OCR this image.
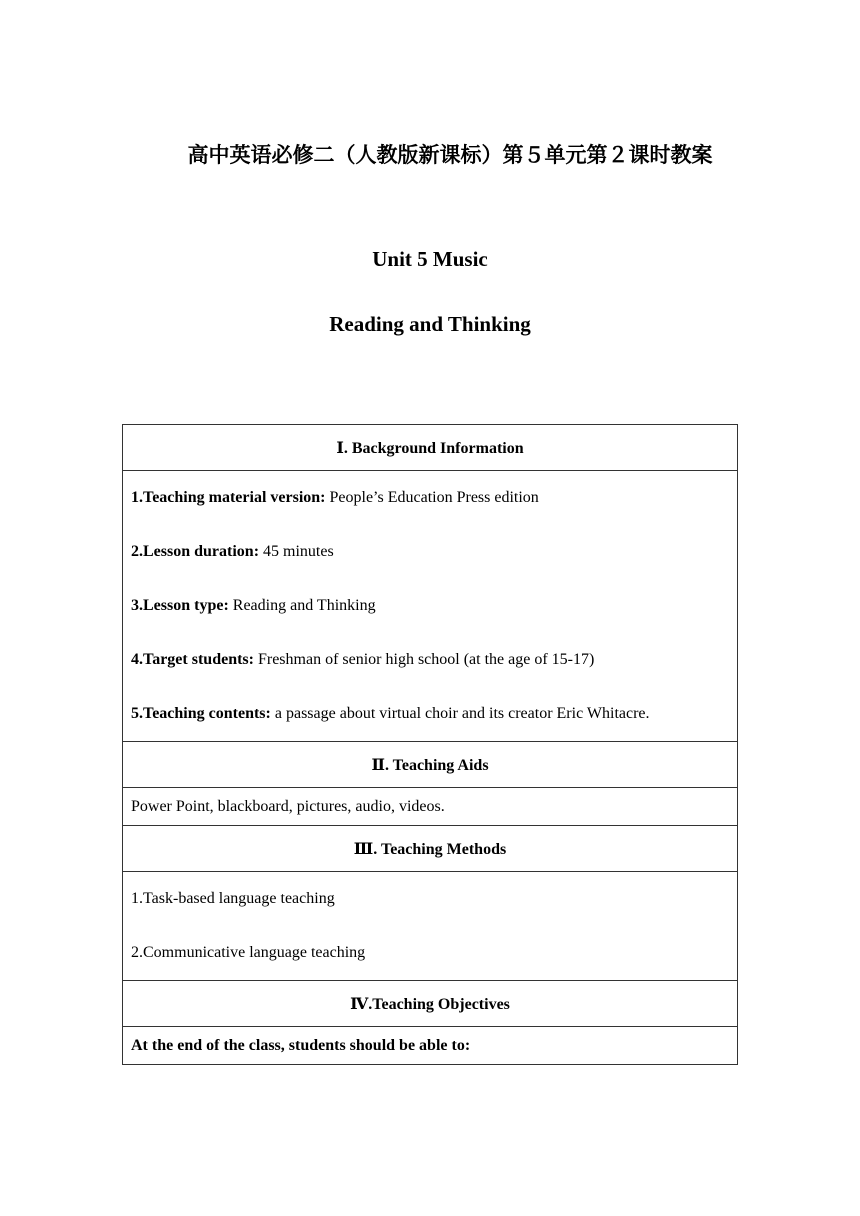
高中英语必修二（人教版新课标）第５单元第２课时教案
Unit 5 Music
Reading and Thinking
Ⅰ. Background Information

1.Teaching material version: People’s Education Press edition
2.Lesson duration: 45 minutes
3.Lesson type: Reading and Thinking
4.Target students: Freshman of senior high school (at the age of 15-17)
5.Teaching contents: a passage about virtual choir and its creator Eric Whitacre.

Ⅱ. Teaching Aids

Power Point, blackboard, pictures, audio, videos.

Ⅲ. Teaching Methods

1.Task-based language teaching
2.Communicative language teaching

Ⅳ.Teaching Objectives

At the end of the class, students should be able to:
